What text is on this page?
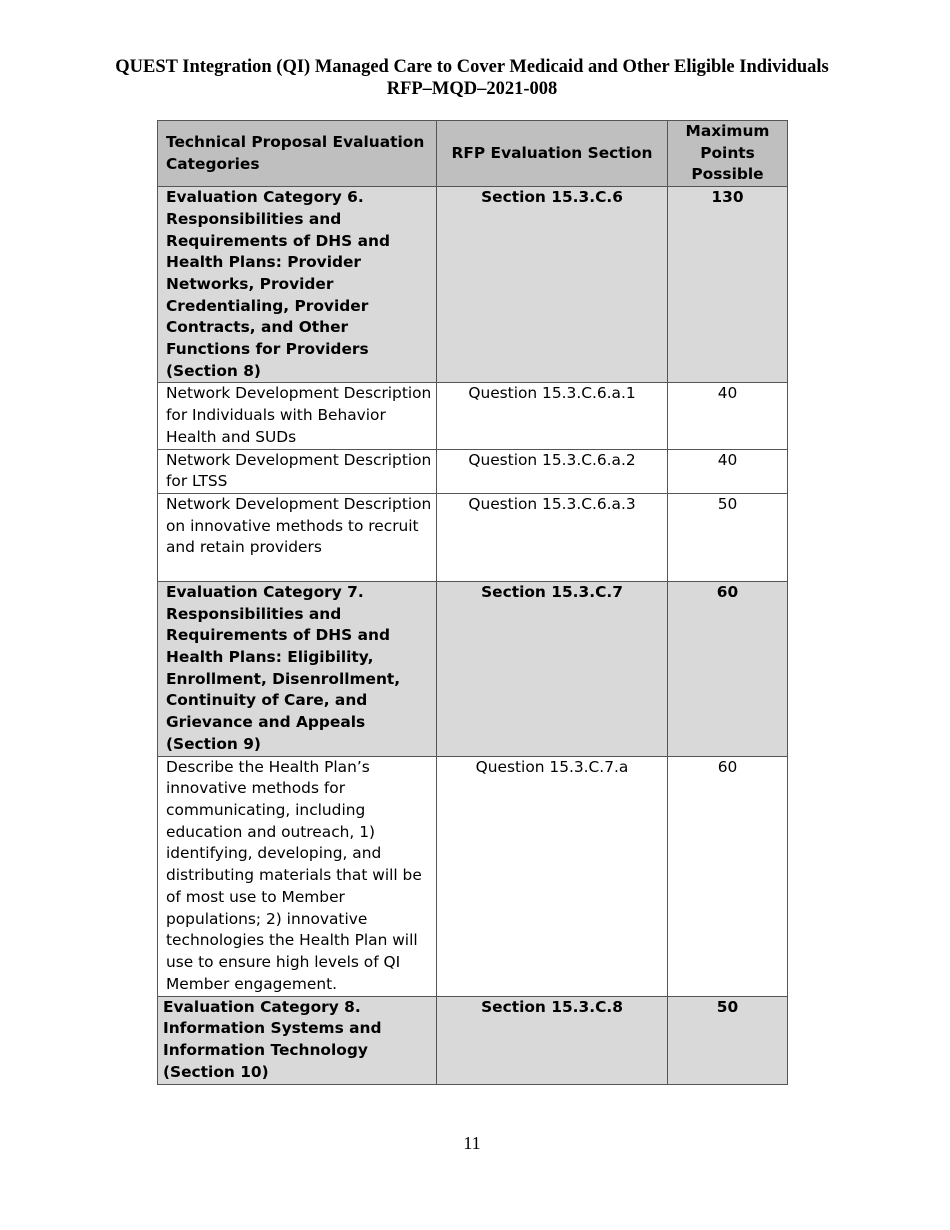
QUEST Integration (QI) Managed Care to Cover Medicaid and Other Eligible Individuals
RFP–MQD–2021-008
Technical Proposal Evaluation Categories	RFP Evaluation Section	Maximum Points Possible
Evaluation Category 6. Responsibilities and Requirements of DHS and Health Plans: Provider Networks, Provider Credentialing, Provider Contracts, and Other Functions for Providers (Section 8)	Section 15.3.C.6	130
Network Development Description for Individuals with Behavior Health and SUDs	Question 15.3.C.6.a.1	40
Network Development Description for LTSS	Question 15.3.C.6.a.2	40
Network Development Description on innovative methods to recruit and retain providers	Question 15.3.C.6.a.3	50
Evaluation Category 7. Responsibilities and Requirements of DHS and Health Plans: Eligibility, Enrollment, Disenrollment, Continuity of Care, and Grievance and Appeals (Section 9)	Section 15.3.C.7	60
Describe the Health Plan’s innovative methods for communicating, including education and outreach, 1) identifying, developing, and distributing materials that will be of most use to Member populations; 2) innovative technologies the Health Plan will use to ensure high levels of QI Member engagement.	Question 15.3.C.7.a	60
Evaluation Category 8. Information Systems and Information Technology (Section 10)	Section 15.3.C.8	50
11
